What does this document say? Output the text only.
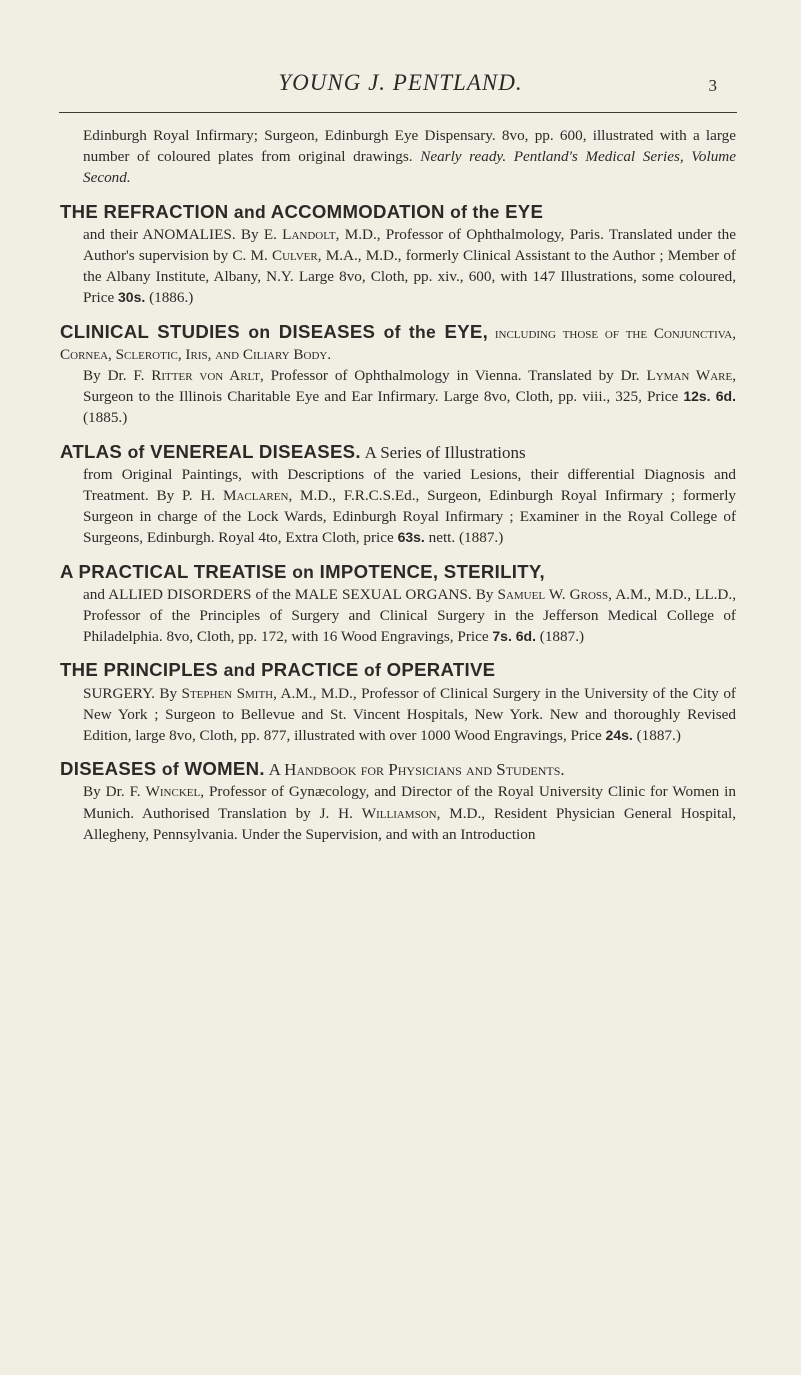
YOUNG J. PENTLAND.	3

Edinburgh Royal Infirmary; Surgeon, Edinburgh Eye Dispensary. 8vo, pp. 600, illustrated with a large number of coloured plates from original drawings. Nearly ready. Pentland's Medical Series, Volume Second.

THE REFRACTION and ACCOMMODATION of the EYE
and their ANOMALIES. By E. Landolt, M.D., Professor of Ophthalmology, Paris. Translated under the Author's supervision by C. M. Culver, M.A., M.D., formerly Clinical Assistant to the Author ; Member of the Albany Institute, Albany, N.Y. Large 8vo, Cloth, pp. xiv., 600, with 147 Illustrations, some coloured, Price 30s. (1886.)

CLINICAL STUDIES on DISEASES of the EYE, including those of the Conjunctiva, Cornea, Sclerotic, Iris, and Ciliary Body.
By Dr. F. Ritter von Arlt, Professor of Ophthalmology in Vienna. Translated by Dr. Lyman Ware, Surgeon to the Illinois Charitable Eye and Ear Infirmary. Large 8vo, Cloth, pp. viii., 325, Price 12s. 6d. (1885.)

ATLAS of VENEREAL DISEASES. A Series of Illustrations
from Original Paintings, with Descriptions of the varied Lesions, their differential Diagnosis and Treatment. By P. H. Maclaren, M.D., F.R.C.S.Ed., Surgeon, Edinburgh Royal Infirmary ; formerly Surgeon in charge of the Lock Wards, Edinburgh Royal Infirmary ; Examiner in the Royal College of Surgeons, Edinburgh. Royal 4to, Extra Cloth, price 63s. nett. (1887.)

A PRACTICAL TREATISE on IMPOTENCE, STERILITY,
and ALLIED DISORDERS of the MALE SEXUAL ORGANS. By Samuel W. Gross, A.M., M.D., LL.D., Professor of the Principles of Surgery and Clinical Surgery in the Jefferson Medical College of Philadelphia. 8vo, Cloth, pp. 172, with 16 Wood Engravings, Price 7s. 6d. (1887.)

THE PRINCIPLES and PRACTICE of OPERATIVE
SURGERY. By Stephen Smith, A.M., M.D., Professor of Clinical Surgery in the University of the City of New York ; Surgeon to Bellevue and St. Vincent Hospitals, New York. New and thoroughly Revised Edition, large 8vo, Cloth, pp. 877, illustrated with over 1000 Wood Engravings, Price 24s. (1887.)

DISEASES of WOMEN. A Handbook for Physicians and Students.
By Dr. F. Winckel, Professor of Gynæcology, and Director of the Royal University Clinic for Women in Munich. Authorised Translation by J. H. Williamson, M.D., Resident Physician General Hospital, Allegheny, Pennsylvania. Under the Supervision, and with an Introduction
